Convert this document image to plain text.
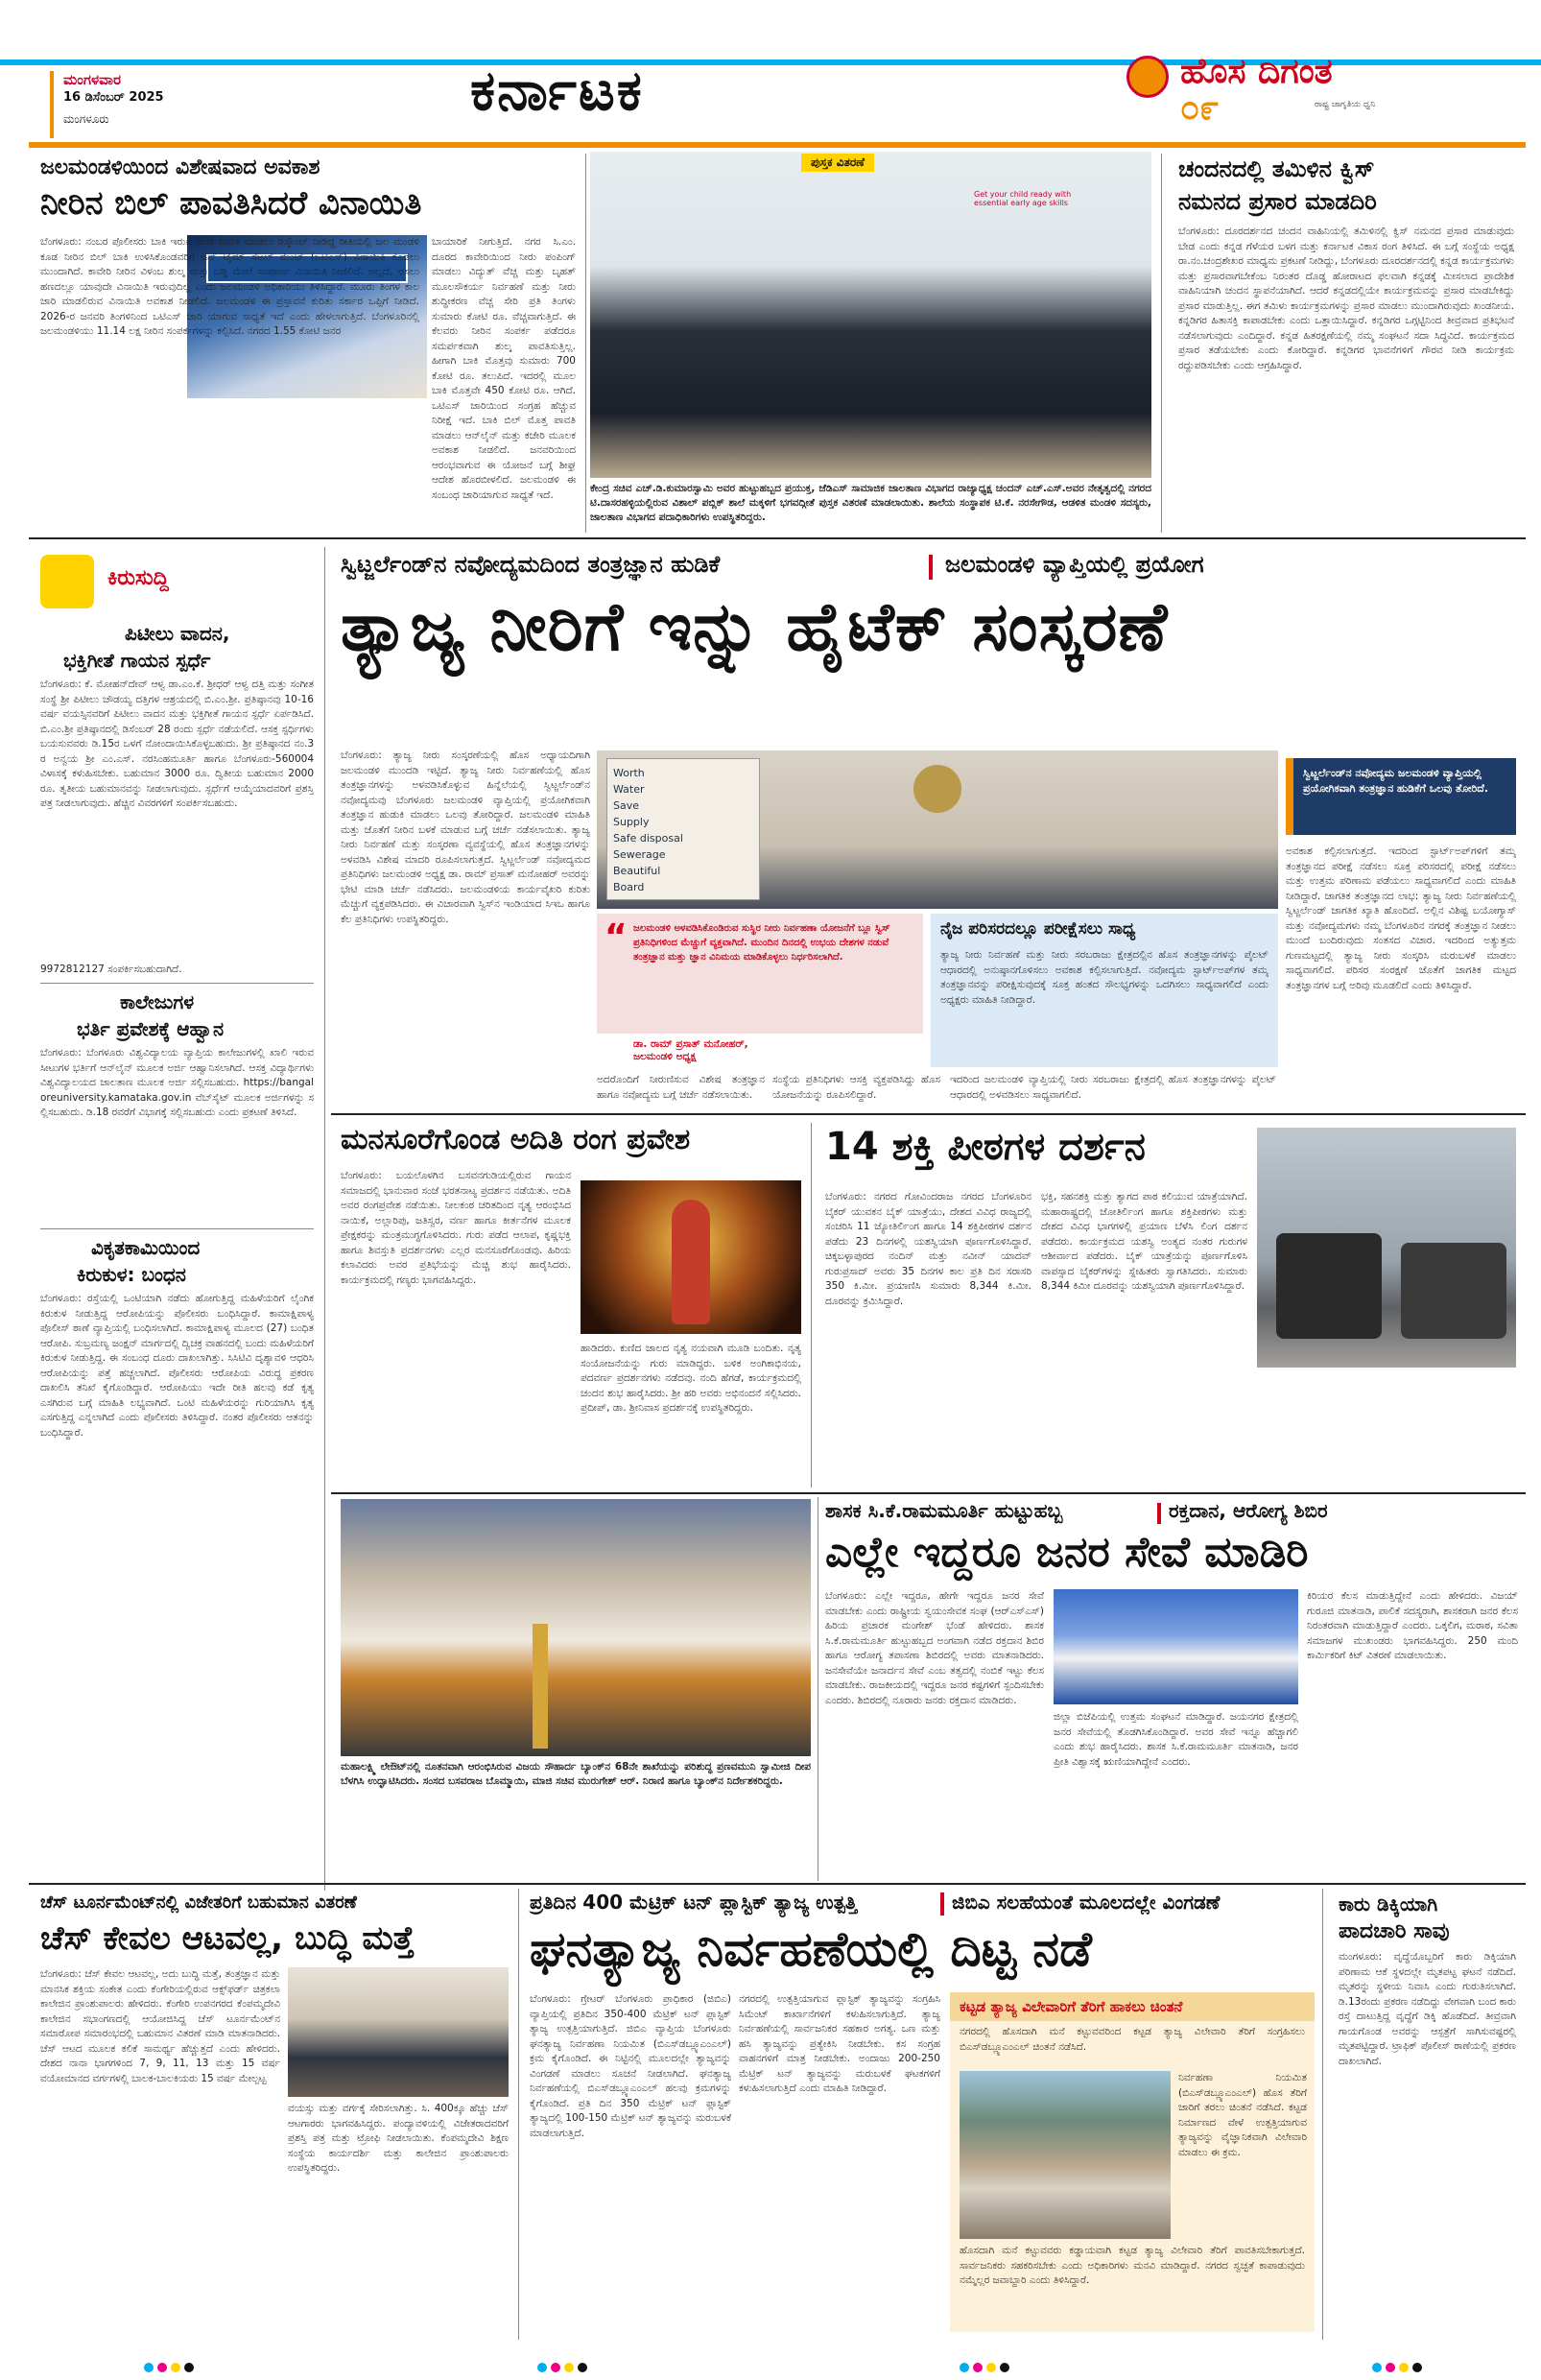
ಮಂಗಳವಾರ
16 ಡಿಸೆಂಬರ್ 2025
ಮಂಗಳೂರು	ಕರ್ನಾಟಕ	ಹೊಸ ದಿಗಂತ
ರಾಷ್ಟ್ರ ಜಾಗೃತಿಯ ಧ್ವನಿ
೦೯
ಜಲಮಂಡಳಿಯಿಂದ ವಿಶೇಷವಾದ ಅವಕಾಶ
ನೀರಿನ ಬಿಲ್ ಪಾವತಿಸಿದರೆ ವಿನಾಯಿತಿ
ಬೆಂಗಳೂರು: ನಂಬರ ಪೊಲೀಸರು ಬಾಕಿ ಇರುವ ದಂಡ ಪಾವತಿ ಮಾಡಲು ಡಿಸ್ಕೌಂಟ್ ನೀಡಿದ್ದ ರೀತಿಯಲ್ಲಿ ಜಲ ಮಂಡಳಿ ಕೂಡ ನೀರಿನ ಬಿಲ್ ಬಾಕಿ ಉಳಿಸಿಕೊಂಡವರಿಗೆ ಒನ್ ಟೈಮ್ ಸೆಟಲ್ ಮೆಂಟ್ (ಒಟಿಎಸ್) ವಿನಾಯಿತಿ ಕೊಡಲು ಮುಂದಾಗಿದೆ. ಕಾವೇರಿ ನೀರಿನ ವಿಳಂಬ ಶುಲ್ಕ ಮತ್ತು ಬಡ್ಡಿ ಮೇಲೆ ಸಂಪೂರ್ಣ ವಿನಾಯಿತಿ ನೀಡಲಿದೆ. ಅಲ್ಲದೆ, ಅಸಲು ಹಣದಲ್ಲೂ ಯಾವುದೇ ವಿನಾಯಿತಿ ಇರುವುದಿಲ್ಲ ಎಂದು ಜಲಮಂಡಳಿ ಅಧಿಕಾರಿಯು ತಿಳಿಸಿದ್ದಾರೆ. ಮೂರು ತಿಂಗಳ ಕಾಲ ಜಾರಿ ಮಾಡಲಿರುವ ವಿನಾಯಿತಿ ಅವಕಾಶ ನೀಡಲಿದೆ. ಜಲಮಂಡಳಿ ಈ ಪ್ರಸ್ತಾವನೆ ಕುರಿತು ಸರ್ಕಾರ ಒಪ್ಪಿಗೆ ನೀಡಿದೆ. 2026-ರ ಜನವರಿ ತಿಂಗಳಿನಿಂದ ಒಟಿಎಸ್ ಜಾರಿ ಯಾಗುವ ಸಾಧ್ಯತೆ ಇದೆ ಎಂದು ಹೇಳಲಾಗುತ್ತಿದೆ. ಬೆಂಗಳೂರಿನಲ್ಲಿ ಜಲಮಂಡಳಿಯು 11.14 ಲಕ್ಷ ನೀರಿನ ಸಂಪರ್ಕಗಳನ್ನು ಕಲ್ಪಿಸಿದೆ. ನಗರದ 1.55 ಕೋಟಿ ಜನರ
ಬಾಯಾರಿಕೆ ನೀಗುತ್ತಿದೆ. ನಗರ ಸಿ.ಎಂ. ದೂರದ ಕಾವೇರಿಯಿಂದ ನೀರು ಪಂಪಿಂಗ್ ಮಾಡಲು ವಿದ್ಯುತ್ ವೆಚ್ಚ ಮತ್ತು ಬೃಹತ್ ಮೂಲಸೌಕರ್ಯ ನಿರ್ವಹಣೆ ಮತ್ತು ನೀರು ಶುದ್ಧೀಕರಣ ವೆಚ್ಚ ಸೇರಿ ಪ್ರತಿ ತಿಂಗಳು ಸುಮಾರು ಕೋಟಿ ರೂ. ವೆಚ್ಚವಾಗುತ್ತಿದೆ. ಈ ಕೆಲವರು ನೀರಿನ ಸಂಪರ್ಕ ಪಡೆದರೂ ಸಮರ್ಪಕವಾಗಿ ಶುಲ್ಕ ಪಾವತಿಸುತ್ತಿಲ್ಲ. ಹೀಗಾಗಿ ಬಾಕಿ ಮೊತ್ತವು ಸುಮಾರು 700 ಕೋಟಿ ರೂ. ತಲುಪಿದೆ. ಇದರಲ್ಲಿ ಮೂಲ ಬಾಕಿ ಮೊತ್ತವೇ 450 ಕೋಟಿ ರೂ. ಆಗಿದೆ. ಒಟಿಎಸ್ ಜಾರಿಯಿಂದ ಸಂಗ್ರಹ ಹೆಚ್ಚುವ ನಿರೀಕ್ಷೆ ಇದೆ. ಬಾಕಿ ಬಿಲ್ ಮೊತ್ತ ಪಾವತಿ ಮಾಡಲು ಆನ್‌ಲೈನ್ ಮತ್ತು ಕಚೇರಿ ಮೂಲಕ ಅವಕಾಶ ನೀಡಲಿದೆ. ಜನವರಿಯಿಂದ ಆರಂಭವಾಗುವ ಈ ಯೋಜನೆ ಬಗ್ಗೆ ಶೀಘ್ರ ಆದೇಶ ಹೊರಬೀಳಲಿದೆ. ಜಲಮಂಡಳಿ ಈ ಸಂಬಂಧ ಜಾರಿಯಾಗುವ ಸಾಧ್ಯತೆ ಇದೆ.
ಪುಸ್ತಕ ವಿತರಣೆ
Get your child ready with essential early age skills
ಕೇಂದ್ರ ಸಚಿವ ಎಚ್.ಡಿ.ಕುಮಾರಸ್ವಾಮಿ ಅವರ ಹುಟ್ಟುಹಬ್ಬದ ಪ್ರಯುಕ್ತ, ಜೆಡಿಎಸ್ ಸಾಮಾಜಿಕ ಜಾಲತಾಣ ವಿಭಾಗದ ರಾಜ್ಯಾಧ್ಯಕ್ಷ ಚಂದನ್ ಎಚ್.ಎಸ್.ಅವರ ನೇತೃತ್ವದಲ್ಲಿ ನಗರದ ಟಿ.ದಾಸರಹಳ್ಳಿಯಲ್ಲಿರುವ ವಿಶಾಲ್ ಪಬ್ಲಿಕ್ ಶಾಲೆ ಮಕ್ಕಳಿಗೆ ಭಗವದ್ಗೀತೆ ಪುಸ್ತಕ ವಿತರಣೆ ಮಾಡಲಾಯಿತು. ಶಾಲೆಯ ಸಂಸ್ಥಾಪಕ ಟಿ.ಕೆ. ನರಸೇಗೌಡ, ಆಡಳಿತ ಮಂಡಳಿ ಸದಸ್ಯರು, ಜಾಲತಾಣ ವಿಭಾಗದ ಪದಾಧಿಕಾರಿಗಳು ಉಪಸ್ಥಿತರಿದ್ದರು.
ಚಂದನದಲ್ಲಿ ತಮಿಳಿನ ಕ್ವಿಸ್
ನಮನದ ಪ್ರಸಾರ ಮಾಡದಿರಿ
ಬೆಂಗಳೂರು: ದೂರದರ್ಶನದ ಚಂದನ ವಾಹಿನಿಯಲ್ಲಿ ತಮಿಳಿನಲ್ಲಿ ಕ್ವಿಸ್ ನಮನದ ಪ್ರಸಾರ ಮಾಡುವುದು ಬೇಡ ಎಂದು ಕನ್ನಡ ಗೆಳೆಯರ ಬಳಗ ಮತ್ತು ಕರ್ನಾಟಕ ವಿಕಾಸ ರಂಗ ತಿಳಿಸಿದೆ. ಈ ಬಗ್ಗೆ ಸಂಸ್ಥೆಯ ಅಧ್ಯಕ್ಷ ರಾ.ನಂ.ಚಂದ್ರಶೇಖರ ಮಾಧ್ಯಮ ಪ್ರಕಟಣೆ ನೀಡಿದ್ದು, ಬೆಂಗಳೂರು ದೂರದರ್ಶನದಲ್ಲಿ ಕನ್ನಡ ಕಾರ್ಯಕ್ರಮಗಳು ಮತ್ತು ಪ್ರಸಾರವಾಗಬೇಕೆಂಬ ನಿರಂತರ ದೊಡ್ಡ ಹೋರಾಟದ ಫಲವಾಗಿ ಕನ್ನಡಕ್ಕೆ ಮೀಸಲಾದ ಪ್ರಾದೇಶಿಕ ವಾಹಿನಿಯಾಗಿ ಚಂದನ ಸ್ಥಾಪನೆಯಾಗಿದೆ. ಆದರೆ ಕನ್ನಡದಲ್ಲಿಯೇ ಕಾರ್ಯಕ್ರಮವನ್ನು ಪ್ರಸಾರ ಮಾಡಬೇಕಿದ್ದು ಪ್ರಸಾರ ಮಾಡುತ್ತಿಲ್ಲ. ಈಗ ತಮಿಳು ಕಾರ್ಯಕ್ರಮಗಳನ್ನು ಪ್ರಸಾರ ಮಾಡಲು ಮುಂದಾಗಿರುವುದು ಖಂಡನೀಯ. ಕನ್ನಡಿಗರ ಹಿತಾಸಕ್ತಿ ಕಾಪಾಡಬೇಕು ಎಂದು ಒತ್ತಾಯಿಸಿದ್ದಾರೆ. ಕನ್ನಡಿಗರ ಒಗ್ಗಟ್ಟಿನಿಂದ ತೀವ್ರವಾದ ಪ್ರತಿಭಟನೆ ನಡೆಸಲಾಗುವುದು ಎಂದಿದ್ದಾರೆ. ಕನ್ನಡ ಹಿತರಕ್ಷಣೆಯಲ್ಲಿ ನಮ್ಮ ಸಂಘಟನೆ ಸದಾ ಸಿದ್ಧವಿದೆ. ಕಾರ್ಯಕ್ರಮದ ಪ್ರಸಾರ ತಡೆಯಬೇಕು ಎಂದು ಕೋರಿದ್ದಾರೆ. ಕನ್ನಡಿಗರ ಭಾವನೆಗಳಿಗೆ ಗೌರವ ನೀಡಿ ಕಾರ್ಯಕ್ರಮ ರದ್ದುಪಡಿಸಬೇಕು ಎಂದು ಆಗ್ರಹಿಸಿದ್ದಾರೆ.
ಕಿರುಸುದ್ದಿ
ಪಿಟೀಲು ವಾದನ,
ಭಕ್ತಿಗೀತೆ ಗಾಯನ ಸ್ಪರ್ಧೆ
ಬೆಂಗಳೂರು: ಕೆ. ಮೋಹನ್‌ದೇವ್ ಆಳ್ವ ಡಾ.ಎಂ.ಕೆ. ಶ್ರೀಧರ್ ಆಳ್ವ ದತ್ತಿ ಮತ್ತು ಸಂಗೀತ ಸಂಸ್ಥೆ ಶ್ರೀ ಪಿಟೀಲು ಚೌಡಯ್ಯ ದತ್ತಿಗಳ ಆಶ್ರಯದಲ್ಲಿ ಬಿ.ಎಂ.ಶ್ರೀ. ಪ್ರತಿಷ್ಠಾನವು 10-16 ವರ್ಷ ವಯಸ್ಸಿನವರಿಗೆ ಪಿಟೀಲು ವಾದನ ಮತ್ತು ಭಕ್ತಿಗೀತೆ ಗಾಯನ ಸ್ಪರ್ಧೆ ಏರ್ಪಡಿಸಿದೆ. ಬಿ.ಎಂ.ಶ್ರೀ ಪ್ರತಿಷ್ಠಾನದಲ್ಲಿ ಡಿಸೆಂಬರ್ 28 ರಂದು ಸ್ಪರ್ಧೆ ನಡೆಯಲಿದೆ. ಆಸಕ್ತ ಸ್ಪರ್ಧಿಗಳು ಬಯಸುವವರು ಡಿ.15ರ ಒಳಗೆ ನೋಂದಾಯಿಸಿಕೊಳ್ಳಬಹುದು. ಶ್ರೀ ಪ್ರತಿಷ್ಠಾನದ ನಂ.3 ರ ಅನ್ವಯ ಶ್ರೀ ಎಂ.ಎಸ್. ನರಸಿಂಹಮೂರ್ತಿ ಹಾಗೂ ಬೆಂಗಳೂರು-560004 ವಿಳಾಸಕ್ಕೆ ಕಳುಹಿಸಬೇಕು. ಬಹುಮಾನ 3000 ರೂ. ದ್ವಿತೀಯ ಬಹುಮಾನ 2000 ರೂ. ತೃತೀಯ ಬಹುಮಾನವನ್ನು ನೀಡಲಾಗುವುದು. ಸ್ಪರ್ಧೆಗೆ ಆಯ್ಕೆಯಾದವರಿಗೆ ಪ್ರಶಸ್ತಿ ಪತ್ರ ನೀಡಲಾಗುವುದು. ಹೆಚ್ಚಿನ ವಿವರಗಳಿಗೆ ಸಂಪರ್ಕಿಸಬಹುದು.
9972812127 ಸಂಪರ್ಕಿಸಬಹುದಾಗಿದೆ.
ಕಾಲೇಜುಗಳ
ಭರ್ತಿ ಪ್ರವೇಶಕ್ಕೆ ಆಹ್ವಾನ
ಬೆಂಗಳೂರು: ಬೆಂಗಳೂರು ವಿಶ್ವವಿದ್ಯಾಲಯ ವ್ಯಾಪ್ತಿಯ ಕಾಲೇಜುಗಳಲ್ಲಿ ಖಾಲಿ ಇರುವ ಸೀಟುಗಳ ಭರ್ತಿಗೆ ಆನ್‌ಲೈನ್ ಮೂಲಕ ಅರ್ಜಿ ಆಹ್ವಾನಿಸಲಾಗಿದೆ. ಆಸಕ್ತ ವಿದ್ಯಾರ್ಥಿಗಳು ವಿಶ್ವವಿದ್ಯಾಲಯದ ಜಾಲತಾಣ ಮೂಲಕ ಅರ್ಜಿ ಸಲ್ಲಿಸಬಹುದು. https://bangaloreuniversity.kamataka.gov.in ವೆಬ್‌ಸೈಟ್ ಮೂಲಕ ಅರ್ಜಿಗಳನ್ನು ಸಲ್ಲಿಸಬಹುದು. ಡಿ.18 ರವರೆಗೆ ವಿಭಾಗಕ್ಕೆ ಸಲ್ಲಿಸಬಹುದು ಎಂದು ಪ್ರಕಟಣೆ ತಿಳಿಸಿದೆ.
ವಿಕೃತಕಾಮಿಯಿಂದ
ಕಿರುಕುಳ: ಬಂಧನ
ಬೆಂಗಳೂರು: ರಸ್ತೆಯಲ್ಲಿ ಒಂಟಿಯಾಗಿ ನಡೆದು ಹೋಗುತ್ತಿದ್ದ ಮಹಿಳೆಯರಿಗೆ ಲೈಂಗಿಕ ಕಿರುಕುಳ ನೀಡುತ್ತಿದ್ದ ಆರೋಪಿಯನ್ನು ಪೊಲೀಸರು ಬಂಧಿಸಿದ್ದಾರೆ. ಕಾಮಾಕ್ಷಿಪಾಳ್ಯ ಪೊಲೀಸ್ ಠಾಣೆ ವ್ಯಾಪ್ತಿಯಲ್ಲಿ ಬಂಧಿಸಲಾಗಿದೆ. ಕಾಮಾಕ್ಷಿಪಾಳ್ಯ ಮೂಲದ (27) ಬಂಧಿತ ಆರೋಪಿ. ಸುಬ್ರಮಣ್ಯ ಜಂಕ್ಷನ್ ಮಾರ್ಗದಲ್ಲಿ ದ್ವಿಚಕ್ರ ವಾಹನದಲ್ಲಿ ಬಂದು ಮಹಿಳೆಯರಿಗೆ ಕಿರುಕುಳ ನೀಡುತ್ತಿದ್ದ. ಈ ಸಂಬಂಧ ದೂರು ದಾಖಲಾಗಿತ್ತು. ಸಿಸಿಟಿವಿ ದೃಶ್ಯಾವಳಿ ಆಧರಿಸಿ ಆರೋಪಿಯನ್ನು ಪತ್ತೆ ಹಚ್ಚಲಾಗಿದೆ. ಪೊಲೀಸರು ಆರೋಪಿಯ ವಿರುದ್ಧ ಪ್ರಕರಣ ದಾಖಲಿಸಿ ತನಿಖೆ ಕೈಗೊಂಡಿದ್ದಾರೆ. ಆರೋಪಿಯು ಇದೇ ರೀತಿ ಹಲವು ಕಡೆ ಕೃತ್ಯ ಎಸಗಿರುವ ಬಗ್ಗೆ ಮಾಹಿತಿ ಲಭ್ಯವಾಗಿದೆ. ಒಂಟಿ ಮಹಿಳೆಯರನ್ನು ಗುರಿಯಾಗಿಸಿ ಕೃತ್ಯ ಎಸಗುತ್ತಿದ್ದ ಎನ್ನಲಾಗಿದೆ ಎಂದು ಪೊಲೀಸರು ತಿಳಿಸಿದ್ದಾರೆ. ನಂತರ ಪೊಲೀಸರು ಆತನನ್ನು ಬಂಧಿಸಿದ್ದಾರೆ.
ಸ್ವಿಟ್ಜರ್ಲೆಂಡ್‌ನ ನವೋದ್ಯಮದಿಂದ ತಂತ್ರಜ್ಞಾನ ಹುಡಿಕೆ	ಜಲಮಂಡಳಿ ವ್ಯಾಪ್ತಿಯಲ್ಲಿ ಪ್ರಯೋಗ
ತ್ಯಾಜ್ಯ ನೀರಿಗೆ ಇನ್ನು ಹೈಟೆಕ್ ಸಂಸ್ಕರಣೆ
ಬೆಂಗಳೂರು: ತ್ಯಾಜ್ಯ ನೀರು ಸಂಸ್ಕರಣೆಯಲ್ಲಿ ಹೊಸ ಅಧ್ಯಾಯದಿಗಾಗಿ ಜಲಮಂಡಳಿ ಮುಂದಡಿ ಇಟ್ಟಿದೆ. ತ್ಯಾಜ್ಯ ನೀರು ನಿರ್ವಹಣೆಯಲ್ಲಿ ಹೊಸ ತಂತ್ರಜ್ಞಾನಗಳನ್ನು ಅಳವಡಿಸಿಕೊಳ್ಳುವ ಹಿನ್ನೆಲೆಯಲ್ಲಿ ಸ್ವಿಟ್ಜರ್ಲೆಂಡ್‌ನ ನವೋದ್ಯಮವು ಬೆಂಗಳೂರು ಜಲಮಂಡಳಿ ವ್ಯಾಪ್ತಿಯಲ್ಲಿ ಪ್ರಯೋಗಿಕವಾಗಿ ತಂತ್ರಜ್ಞಾನ ಹುಡುಕಿ ಮಾಡಲು ಒಲವು ತೋರಿದ್ದಾರೆ. ಜಲಮಂಡಳಿ ಮಾಹಿತಿ ಮತ್ತು ಜೊತೆಗೆ ನೀರಿನ ಬಳಕೆ ಮಾಡುವ ಬಗ್ಗೆ ಚರ್ಚೆ ನಡೆಸಲಾಯಿತು. ತ್ಯಾಜ್ಯ ನೀರು ನಿರ್ವಹಣೆ ಮತ್ತು ಸಂಸ್ಕರಣಾ ವ್ಯವಸ್ಥೆಯಲ್ಲಿ ಹೊಸ ತಂತ್ರಜ್ಞಾನಗಳನ್ನು ಅಳವಡಿಸಿ ವಿಶೇಷ ಮಾದರಿ ರೂಪಿಸಲಾಗುತ್ತದೆ. ಸ್ವಿಟ್ಜರ್ಲೆಂಡ್ ನವೋದ್ಯಮದ ಪ್ರತಿನಿಧಿಗಳು ಜಲಮಂಡಳಿ ಅಧ್ಯಕ್ಷ ಡಾ. ರಾಮ್ ಪ್ರಸಾತ್ ಮನೋಹರ್ ಅವರನ್ನು ಭೇಟಿ ಮಾಡಿ ಚರ್ಚೆ ನಡೆಸಿದರು. ಜಲಮಂಡಳಿಯ ಕಾರ್ಯವೈಖರಿ ಕುರಿತು ಮೆಚ್ಚುಗೆ ವ್ಯಕ್ತಪಡಿಸಿದರು. ಈ ವಿಚಾರವಾಗಿ ಸ್ವಿಸ್‌ನ ಇಂಡಿಯಾದ ಸಿಇಒ ಹಾಗೂ ಕೆಲ ಪ್ರತಿನಿಧಿಗಳು ಉಪಸ್ಥಿತರಿದ್ದರು.
Worth
Water
Save
Supply
Safe disposal
Sewerage
Beautiful
Board
“ ಜಲಮಂಡಳಿ ಅಳವಡಿಸಿಕೊಂಡಿರುವ ಸುಸ್ಥಿರ ನೀರು ನಿರ್ವಹಣಾ ಯೋಜನೆಗೆ ಬ್ಲೂ ಸ್ವಿಸ್ ಪ್ರತಿನಿಧಿಗಳಿಂದ ಮೆಚ್ಚುಗೆ ವ್ಯಕ್ತವಾಗಿದೆ. ಮುಂದಿನ ದಿನದಲ್ಲಿ ಉಭಯ ದೇಶಗಳ ನಡುವೆ ತಂತ್ರಜ್ಞಾನ ಮತ್ತು ಜ್ಞಾನ ವಿನಿಮಯ ಮಾಡಿಕೊಳ್ಳಲು ನಿರ್ಧರಿಸಲಾಗಿದೆ.
ಡಾ. ರಾಮ್ ಪ್ರಸಾತ್ ಮನೋಹರ್,
ಜಲಮಂಡಳಿ ಅಧ್ಯಕ್ಷ
ನೈಜ ಪರಿಸರದಲ್ಲೂ ಪರೀಕ್ಷೆಸಲು ಸಾಧ್ಯ
ತ್ಯಾಜ್ಯ ನೀರು ನಿರ್ವಹಣೆ ಮತ್ತು ನೀರು ಸರಬರಾಜು ಕ್ಷೇತ್ರದಲ್ಲಿನ ಹೊಸ ತಂತ್ರಜ್ಞಾನಗಳನ್ನು ಪೈಲಟ್ ಆಧಾರದಲ್ಲಿ ಅನುಷ್ಠಾನಗೊಳಿಸಲು ಅವಕಾಶ ಕಲ್ಪಿಸಲಾಗುತ್ತಿದೆ. ನವೋದ್ಯಮ ಸ್ಟಾರ್ಟ್‌ಅಪ್‌ಗಳ ತಮ್ಮ ತಂತ್ರಜ್ಞಾನವನ್ನು ಪರೀಕ್ಷಿಸುವುದಕ್ಕೆ ಸೂಕ್ತ ಹಂತದ ಸೌಲಭ್ಯಗಳನ್ನು ಒದಗಿಸಲು ಸಾಧ್ಯವಾಗಲಿದೆ ಎಂದು ಅಧ್ಯಕ್ಷರು ಮಾಹಿತಿ ನೀಡಿದ್ದಾರೆ.
ಅದರೊಂದಿಗೆ ನೀರುಣಿಸುವ ವಿಶೇಷ ತಂತ್ರಜ್ಞಾನ ಹಾಗೂ ನವೋದ್ಯಮ ಬಗ್ಗೆ ಚರ್ಚೆ ನಡೆಸಲಾಯಿತು.
ಸಂಸ್ಥೆಯ ಪ್ರತಿನಿಧಿಗಳು ಆಸಕ್ತಿ ವ್ಯಕ್ತಪಡಿಸಿದ್ದು ಹೊಸ ಯೋಜನೆಯನ್ನು ರೂಪಿಸಲಿದ್ದಾರೆ.
ಇದರಿಂದ ಜಲಮಂಡಳಿ ವ್ಯಾಪ್ತಿಯಲ್ಲಿ ನೀರು ಸರಬರಾಜು ಕ್ಷೇತ್ರದಲ್ಲಿ ಹೊಸ ತಂತ್ರಜ್ಞಾನಗಳನ್ನು ಪೈಲಟ್ ಆಧಾರದಲ್ಲಿ ಅಳವಡಿಸಲು ಸಾಧ್ಯವಾಗಲಿದೆ.
ಸ್ವಿಟ್ಜರ್ಲೆಂಡ್‌ನ ನವೋದ್ಯಮ ಜಲಮಂಡಳಿ ವ್ಯಾಪ್ತಿಯಲ್ಲಿ ಪ್ರಯೋಗಿಕವಾಗಿ ತಂತ್ರಜ್ಞಾನ ಹುಡಿಕೆಗೆ ಒಲವು ತೋರಿದೆ.
ಅವಕಾಶ ಕಲ್ಪಿಸಲಾಗುತ್ತದೆ. ಇದರಿಂದ ಸ್ಟಾರ್ಟ್‌ಅಪ್‌ಗಳಿಗೆ ತಮ್ಮ ತಂತ್ರಜ್ಞಾನದ ಪರೀಕ್ಷೆ ನಡೆಸಲು ಸೂಕ್ತ ಪರಿಸರದಲ್ಲಿ ಪರೀಕ್ಷೆ ನಡೆಸಲು ಮತ್ತು ಉತ್ತಮ ಪರಿಣಾಮ ಪಡೆಯಲು ಸಾಧ್ಯವಾಗಲಿದೆ ಎಂದು ಮಾಹಿತಿ ನೀಡಿದ್ದಾರೆ. ಜಾಗತಿಕ ತಂತ್ರಜ್ಞಾನದ ಲಾಭ: ತ್ಯಾಜ್ಯ ನೀರು ನಿರ್ವಹಣೆಯಲ್ಲಿ ಸ್ವಿಟ್ಜರ್ಲೆಂಡ್ ಜಾಗತಿಕ ಖ್ಯಾತಿ ಹೊಂದಿದೆ. ಅಲ್ಲಿನ ವಿಶಿಷ್ಟ ಬಯೋಗ್ಯಾಸ್ ಮತ್ತು ನವೋದ್ಯಮಗಳು ನಮ್ಮ ಬೆಂಗಳೂರಿನ ನಗರಕ್ಕೆ ತಂತ್ರಜ್ಞಾನ ನೀಡಲು ಮುಂದೆ ಬಂದಿರುವುದು ಸಂತಸದ ವಿಚಾರ. ಇದರಿಂದ ಅತ್ಯುತ್ತಮ ಗುಣಮಟ್ಟದಲ್ಲಿ ತ್ಯಾಜ್ಯ ನೀರು ಸಂಸ್ಕರಿಸಿ ಮರುಬಳಕೆ ಮಾಡಲು ಸಾಧ್ಯವಾಗಲಿದೆ. ಪರಿಸರ ಸಂರಕ್ಷಣೆ ಜೊತೆಗೆ ಜಾಗತಿಕ ಮಟ್ಟದ ತಂತ್ರಜ್ಞಾನಗಳ ಬಗ್ಗೆ ಅರಿವು ಮೂಡಲಿದೆ ಎಂದು ತಿಳಿಸಿದ್ದಾರೆ.
ಮನಸೂರೆಗೊಂಡ ಅದಿತಿ ರಂಗ ಪ್ರವೇಶ
ಬೆಂಗಳೂರು: ಬಯಲೊಳಗಿನ ಬಸವನಗುಡಿಯಲ್ಲಿರುವ ಗಾಯನ ಸಮಾಜದಲ್ಲಿ ಭಾನುವಾರ ಸಂಜೆ ಭರತನಾಟ್ಯ ಪ್ರದರ್ಶನ ನಡೆಯಿತು. ಅದಿತಿ ಅವರ ರಂಗಪ್ರವೇಶ ನಡೆಯಿತು. ನೀಲಕಂಠ ಚರಿತದಿಂದ ನೃತ್ಯ ಆರಂಭಿಸಿದ ನಾಯಿಕೆ, ಅಲ್ಲಾರಿಪು, ಜತಿಸ್ವರ, ವರ್ಣ ಹಾಗೂ ಕೀರ್ತನೆಗಳ ಮೂಲಕ ಪ್ರೇಕ್ಷಕರನ್ನು ಮಂತ್ರಮುಗ್ಧಗೊಳಿಸಿದರು. ಗುರು ಪಡೆದ ಆಲಾಪ, ಕೃಷ್ಣಭಕ್ತಿ ಹಾಗೂ ಶಿವಸ್ತುತಿ ಪ್ರದರ್ಶನಗಳು ಎಲ್ಲರ ಮನಸೂರೆಗೊಂಡವು. ಹಿರಿಯ ಕಲಾವಿದರು ಅವರ ಪ್ರತಿಭೆಯನ್ನು ಮೆಚ್ಚಿ ಶುಭ ಹಾರೈಸಿದರು. ಕಾರ್ಯಕ್ರಮದಲ್ಲಿ ಗಣ್ಯರು ಭಾಗವಹಿಸಿದ್ದರು.
ಹಾಡಿದರು. ಕುಣಿದ ಜಾಲದ ನೃತ್ಯ ನಯವಾಗಿ ಮೂಡಿ ಬಂದಿತು. ನೃತ್ಯ ಸಂಯೋಜನೆಯನ್ನು ಗುರು ಮಾಡಿದ್ದರು. ಬಳಿಕ ಅಂಗಿಕಾಭಿನಯ, ಪದವರ್ಣ ಪ್ರದರ್ಶನಗಳು ನಡೆದವು. ನಂದಿ ಹೆಗಡೆ, ಕಾರ್ಯಕ್ರಮದಲ್ಲಿ ಚಂದನ ಶುಭ ಹಾರೈಸಿದರು. ಶ್ರೀ ಹರಿ ಅವರು ಅಭಿನಂದನೆ ಸಲ್ಲಿಸಿದರು. ಪ್ರದೀಪ್, ಡಾ. ಶ್ರೀನಿವಾಸ ಪ್ರದರ್ಶನಕ್ಕೆ ಉಪಸ್ಥಿತರಿದ್ದರು.
14 ಶಕ್ತಿ ಪೀಠಗಳ ದರ್ಶನ
ಬೆಂಗಳೂರು: ನಗರದ ಗೋವಿಂದರಾಜ ನಗರದ ಬೆಂಗಳೂರಿನ ಬೈಕರ್ ಯುವಕನ ಬೈಕ್ ಯಾತ್ರೆಯು, ದೇಶದ ವಿವಿಧ ರಾಜ್ಯದಲ್ಲಿ ಸಂಚರಿಸಿ 11 ಜ್ಯೋತಿರ್ಲಿಂಗ ಹಾಗೂ 14 ಶಕ್ತಿಪೀಠಗಳ ದರ್ಶನ ಪಡೆದು 23 ದಿನಗಳಲ್ಲಿ ಯಶಸ್ವಿಯಾಗಿ ಪೂರ್ಣಗೊಳಿಸಿದ್ದಾರೆ. ಚಿಕ್ಕಬಳ್ಳಾಪುರದ ನಂದಿನ್ ಮತ್ತು ನವೀನ್ ಯಾದವ್ ಗುರುಪ್ರಸಾದ್ ಅವರು 35 ದಿನಗಳ ಕಾಲ ಪ್ರತಿ ದಿನ ಸರಾಸರಿ 350 ಕಿ.ಮೀ. ಪ್ರಯಾಣಿಸಿ ಸುಮಾರು 8,344 ಕಿ.ಮೀ. ದೂರವನ್ನು ಕ್ರಮಿಸಿದ್ದಾರೆ.
ಭಕ್ತಿ, ಸಹನಶಕ್ತಿ ಮತ್ತು ತ್ಯಾಗದ ಪಾಠ ಕಲಿಯುವ ಯಾತ್ರೆಯಾಗಿದೆ. ಮಹಾರಾಷ್ಟ್ರದಲ್ಲಿ ಜೋತಿರ್ಲಿಂಗ ಹಾಗೂ ಶಕ್ತಿಪೀಠಗಳು ಮತ್ತು ದೇಶದ ವಿವಿಧ ಭಾಗಗಳಲ್ಲಿ ಪ್ರಯಾಣ ಬೆಳೆಸಿ ಲಿಂಗ ದರ್ಶನ ಪಡೆದರು. ಕಾರ್ಯಕ್ರಮದ ಯಶಸ್ವಿ ಅಂತ್ಯದ ನಂತರ ಗುರುಗಳ ಆಶೀರ್ವಾದ ಪಡೆದರು. ಬೈಕ್ ಯಾತ್ರೆಯನ್ನು ಪೂರ್ಣಗೊಳಿಸಿ ವಾಪಸ್ಸಾದ ಬೈಕರ್‌ಗಳನ್ನು ಸ್ನೇಹಿತರು ಸ್ವಾಗತಿಸಿದರು. ಸುಮಾರು 8,344 ಕಿಮೀ ದೂರವನ್ನು ಯಶಸ್ವಿಯಾಗಿ ಪೂರ್ಣಗೊಳಿಸಿದ್ದಾರೆ.
ಶಾಸಕ ಸಿ.ಕೆ.ರಾಮಮೂರ್ತಿ ಹುಟ್ಟುಹಬ್ಬ	ರಕ್ತದಾನ, ಆರೋಗ್ಯ ಶಿಬಿರ
ಎಲ್ಲೇ ಇದ್ದರೂ ಜನರ ಸೇವೆ ಮಾಡಿರಿ
ಬೆಂಗಳೂರು: ಎಲ್ಲೇ ಇದ್ದರೂ, ಹೇಗೇ ಇದ್ದರೂ ಜನರ ಸೇವೆ ಮಾಡಬೇಕು ಎಂದು ರಾಷ್ಟ್ರೀಯ ಸ್ವಯಂಸೇವಕ ಸಂಘ (ಆರ್‌ಎಸ್‌ಎಸ್) ಹಿರಿಯ ಪ್ರಚಾರಕ ಮಂಗೇಶ್ ಭೆಂಡೆ ಹೇಳಿದರು. ಶಾಸಕ ಸಿ.ಕೆ.ರಾಮಮೂರ್ತಿ ಹುಟ್ಟುಹಬ್ಬದ ಅಂಗವಾಗಿ ನಡೆದ ರಕ್ತದಾನ ಶಿಬಿರ ಹಾಗೂ ಆರೋಗ್ಯ ತಪಾಸಣಾ ಶಿಬಿರದಲ್ಲಿ ಅವರು ಮಾತನಾಡಿದರು. ಜನಸೇವೆಯೇ ಜನಾರ್ದನ ಸೇವೆ ಎಂಬ ತತ್ವದಲ್ಲಿ ನಂಬಿಕೆ ಇಟ್ಟು ಕೆಲಸ ಮಾಡಬೇಕು. ರಾಜಕೀಯದಲ್ಲಿ ಇದ್ದರೂ ಜನರ ಕಷ್ಟಗಳಿಗೆ ಸ್ಪಂದಿಸಬೇಕು ಎಂದರು. ಶಿಬಿರದಲ್ಲಿ ನೂರಾರು ಜನರು ರಕ್ತದಾನ ಮಾಡಿದರು.
ಜಿಲ್ಲಾ ಬಿಜೆಪಿಯಲ್ಲಿ ಉತ್ತಮ ಸಂಘಟನೆ ಮಾಡಿದ್ದಾರೆ. ಜಯನಗರ ಕ್ಷೇತ್ರದಲ್ಲಿ ಜನರ ಸೇವೆಯಲ್ಲಿ ತೊಡಗಿಸಿಕೊಂಡಿದ್ದಾರೆ. ಅವರ ಸೇವೆ ಇನ್ನೂ ಹೆಚ್ಚಾಗಲಿ ಎಂದು ಶುಭ ಹಾರೈಸಿದರು. ಶಾಸಕ ಸಿ.ಕೆ.ರಾಮಮೂರ್ತಿ ಮಾತನಾಡಿ, ಜನರ ಪ್ರೀತಿ ವಿಶ್ವಾಸಕ್ಕೆ ಋಣಿಯಾಗಿದ್ದೇನೆ ಎಂದರು.
ಕಿರಿಯರ ಕೆಲಸ ಮಾಡುತ್ತಿದ್ದೇನೆ ಎಂದು ಹೇಳಿದರು. ವಿಜಯ್ ಗುರೂಜಿ ಮಾತನಾಡಿ, ಪಾಲಿಕೆ ಸದಸ್ಯರಾಗಿ, ಶಾಸಕರಾಗಿ ಜನರ ಕೆಲಸ ನಿರಂತರವಾಗಿ ಮಾಡುತ್ತಿದ್ದಾರೆ ಎಂದರು. ಒಕ್ಕಲಿಗ, ಮರಾಠ, ಸವಿತಾ ಸಮಾಜಗಳ ಮುಖಂಡರು ಭಾಗವಹಿಸಿದ್ದರು. 250 ಮಂದಿ ಕಾರ್ಮಿಕರಿಗೆ ಕಿಟ್ ವಿತರಣೆ ಮಾಡಲಾಯಿತು.
ಮಹಾಲಕ್ಷ್ಮಿ ಲೇಔಟ್‌ನಲ್ಲಿ ನೂತನವಾಗಿ ಆರಂಭಿಸಿರುವ ವಿಜಯ ಸೌಹಾರ್ದ ಬ್ಯಾಂಕ್‌ನ 68ನೇ ಶಾಖೆಯನ್ನು ಪರಿಶುದ್ಧ ಪ್ರಣವಮುನಿ ಸ್ವಾಮೀಜಿ ದೀಪ ಬೆಳಗಿಸಿ ಉದ್ಘಾಟಿಸಿದರು. ಸಂಸದ ಬಸವರಾಜ ಬೊಮ್ಮಾಯಿ, ಮಾಜಿ ಸಚಿವ ಮುರುಗೇಶ್ ಆರ್. ನಿರಾಣಿ ಹಾಗೂ ಬ್ಯಾಂಕ್‌ನ ನಿರ್ದೇಶಕರಿದ್ದರು.
ಚೆಸ್ ಟೂರ್ನಮೆಂಟ್‌ನಲ್ಲಿ ವಿಜೇತರಿಗೆ ಬಹುಮಾನ ವಿತರಣೆ
ಚೆಸ್ ಕೇವಲ ಆಟವಲ್ಲ, ಬುದ್ಧಿ ಮತ್ತೆ
ಬೆಂಗಳೂರು: ಚೆಸ್ ಕೇವಲ ಆಟವಲ್ಲ, ಅದು ಬುದ್ಧಿ ಮತ್ತೆ, ತಂತ್ರಜ್ಞಾನ ಮತ್ತು ಮಾನಸಿಕ ಶಕ್ತಿಯ ಸಂಕೇತ ಎಂದು ಕೆಂಗೇರಿಯಲ್ಲಿರುವ ಆಕ್ಸ್‌ಫರ್ಡ್ ಚಿತ್ರಕಲಾ ಕಾಲೇಜಿನ ಪ್ರಾಂಶುಪಾಲರು ಹೇಳಿದರು. ಕೆಂಗೇರಿ ಉಪನಗರದ ಕೆಂಪಮ್ಮದೇವಿ ಕಾಲೇಜಿನ ಸಭಾಂಗಣದಲ್ಲಿ ಆಯೋಜಿಸಿದ್ದ ಚೆಸ್ ಟೂರ್ನಮೆಂಟ್‌ನ ಸಮಾರೋಪ ಸಮಾರಂಭದಲ್ಲಿ ಬಹುಮಾನ ವಿತರಣೆ ಮಾಡಿ ಮಾತನಾಡಿದರು. ಚೆಸ್ ಆಟದ ಮೂಲಕ ಕಲಿಕೆ ಸಾಮರ್ಥ್ಯ ಹೆಚ್ಚುತ್ತದೆ ಎಂದು ಹೇಳಿದರು. ದೇಶದ ನಾನಾ ಭಾಗಗಳಿಂದ 7, 9, 11, 13 ಮತ್ತು 15 ವರ್ಷ ವಯೋಮಾನದ ವರ್ಗಗಳಲ್ಲಿ ಬಾಲಕ-ಬಾಲಕಿಯರು 15 ವರ್ಷ ಮೇಲ್ಪಟ್ಟ
ವಯಸ್ಸು ಮತ್ತು ವರ್ಗಕ್ಕೆ ಸೇರಿಸಲಾಗಿತ್ತು. ಸಿ. 400ಕ್ಕೂ ಹೆಚ್ಚು ಚೆಸ್ ಆಟಗಾರರು ಭಾಗವಹಿಸಿದ್ದರು. ಪಂದ್ಯಾವಳಿಯಲ್ಲಿ ವಿಜೇತರಾದವರಿಗೆ ಪ್ರಶಸ್ತಿ ಪತ್ರ ಮತ್ತು ಟ್ರೋಫಿ ನೀಡಲಾಯಿತು. ಕೆಂಪಮ್ಮದೇವಿ ಶಿಕ್ಷಣ ಸಂಸ್ಥೆಯ ಕಾರ್ಯದರ್ಶಿ ಮತ್ತು ಕಾಲೇಜಿನ ಪ್ರಾಂಶುಪಾಲರು ಉಪಸ್ಥಿತರಿದ್ದರು.
ಪ್ರತಿದಿನ 400 ಮೆಟ್ರಿಕ್ ಟನ್ ಪ್ಲಾಸ್ಟಿಕ್ ತ್ಯಾಜ್ಯ ಉತ್ಪತ್ತಿ	ಜಿಬಿಎ ಸಲಹೆಯಂತೆ ಮೂಲದಲ್ಲೇ ವಿಂಗಡಣೆ
ಘನತ್ಯಾಜ್ಯ ನಿರ್ವಹಣೆಯಲ್ಲಿ ದಿಟ್ಟ ನಡೆ
ಬೆಂಗಳೂರು: ಗ್ರೇಟರ್ ಬೆಂಗಳೂರು ಪ್ರಾಧಿಕಾರ (ಜಿಬಿಎ) ವ್ಯಾಪ್ತಿಯಲ್ಲಿ ಪ್ರತಿದಿನ 350-400 ಮೆಟ್ರಿಕ್ ಟನ್ ಪ್ಲಾಸ್ಟಿಕ್ ತ್ಯಾಜ್ಯ ಉತ್ಪತ್ತಿಯಾಗುತ್ತಿದೆ. ಜಿಬಿಎ ವ್ಯಾಪ್ತಿಯ ಬೆಂಗಳೂರು ಘನತ್ಯಾಜ್ಯ ನಿರ್ವಹಣಾ ನಿಯಮಿತ (ಬಿಎಸ್‌ಡಬ್ಲ್ಯೂಎಂಎಲ್) ಕ್ರಮ ಕೈಗೊಂಡಿದೆ. ಈ ನಿಟ್ಟಿನಲ್ಲಿ ಮೂಲದಲ್ಲೇ ತ್ಯಾಜ್ಯವನ್ನು ವಿಂಗಡಣೆ ಮಾಡಲು ಸೂಚನೆ ನೀಡಲಾಗಿದೆ. ಘನತ್ಯಾಜ್ಯ ನಿರ್ವಹಣೆಯಲ್ಲಿ ಬಿಎಸ್‌ಡಬ್ಲ್ಯೂಎಂಎಲ್ ಹಲವು ಕ್ರಮಗಳನ್ನು ಕೈಗೊಂಡಿದೆ. ಪ್ರತಿ ದಿನ 350 ಮೆಟ್ರಿಕ್ ಟನ್ ಪ್ಲಾಸ್ಟಿಕ್ ತ್ಯಾಜ್ಯದಲ್ಲಿ 100-150 ಮೆಟ್ರಿಕ್ ಟನ್ ತ್ಯಾಜ್ಯವನ್ನು ಮರುಬಳಕೆ ಮಾಡಲಾಗುತ್ತಿದೆ.
ನಗರದಲ್ಲಿ ಉತ್ಪತ್ತಿಯಾಗುವ ಪ್ಲಾಸ್ಟಿಕ್ ತ್ಯಾಜ್ಯವನ್ನು ಸಂಗ್ರಹಿಸಿ ಸಿಮೆಂಟ್ ಕಾರ್ಖಾನೆಗಳಿಗೆ ಕಳುಹಿಸಲಾಗುತ್ತಿದೆ. ತ್ಯಾಜ್ಯ ನಿರ್ವಹಣೆಯಲ್ಲಿ ಸಾರ್ವಜನಿಕರ ಸಹಕಾರ ಅಗತ್ಯ. ಒಣ ಮತ್ತು ಹಸಿ ತ್ಯಾಜ್ಯವನ್ನು ಪ್ರತ್ಯೇಕಿಸಿ ನೀಡಬೇಕು. ಕಸ ಸಂಗ್ರಹ ವಾಹನಗಳಿಗೆ ಮಾತ್ರ ನೀಡಬೇಕು. ಅಂದಾಜು 200-250 ಮೆಟ್ರಿಕ್ ಟನ್ ತ್ಯಾಜ್ಯವನ್ನು ಮರುಬಳಕೆ ಘಟಕಗಳಿಗೆ ಕಳುಹಿಸಲಾಗುತ್ತಿದೆ ಎಂದು ಮಾಹಿತಿ ನೀಡಿದ್ದಾರೆ.
ಕಟ್ಟಡ ತ್ಯಾಜ್ಯ ವಿಲೇವಾರಿಗೆ ತೆರಿಗೆ ಹಾಕಲು ಚಿಂತನೆ
ನಗರದಲ್ಲಿ ಹೊಸದಾಗಿ ಮನೆ ಕಟ್ಟುವವರಿಂದ ಕಟ್ಟಡ ತ್ಯಾಜ್ಯ ವಿಲೇವಾರಿ ತೆರಿಗೆ ಸಂಗ್ರಹಿಸಲು ಬಿಎಸ್‌ಡಬ್ಲ್ಯೂಎಂಎಲ್ ಚಿಂತನೆ ನಡೆಸಿದೆ.
ನಿರ್ವಹಣಾ ನಿಯಮಿತ (ಬಿಎಸ್‌ಡಬ್ಲ್ಯೂಎಂಎಲ್) ಹೊಸ ತೆರಿಗೆ ಜಾರಿಗೆ ತರಲು ಚಿಂತನೆ ನಡೆಸಿದೆ. ಕಟ್ಟಡ ನಿರ್ಮಾಣದ ವೇಳೆ ಉತ್ಪತ್ತಿಯಾಗುವ ತ್ಯಾಜ್ಯವನ್ನು ವೈಜ್ಞಾನಿಕವಾಗಿ ವಿಲೇವಾರಿ ಮಾಡಲು ಈ ಕ್ರಮ.
ಹೊಸದಾಗಿ ಮನೆ ಕಟ್ಟುವವರು ಕಡ್ಡಾಯವಾಗಿ ಕಟ್ಟಡ ತ್ಯಾಜ್ಯ ವಿಲೇವಾರಿ ತೆರಿಗೆ ಪಾವತಿಸಬೇಕಾಗುತ್ತದೆ. ಸಾರ್ವಜನಿಕರು ಸಹಕರಿಸಬೇಕು ಎಂದು ಅಧಿಕಾರಿಗಳು ಮನವಿ ಮಾಡಿದ್ದಾರೆ. ನಗರದ ಸ್ವಚ್ಛತೆ ಕಾಪಾಡುವುದು ನಮ್ಮೆಲ್ಲರ ಜವಾಬ್ದಾರಿ ಎಂದು ತಿಳಿಸಿದ್ದಾರೆ.
ಕಾರು ಡಿಕ್ಕಿಯಾಗಿ
ಪಾದಚಾರಿ ಸಾವು
ಮಂಗಳೂರು: ವೃದ್ಧೆಯೊಬ್ಬರಿಗೆ ಕಾರು ಡಿಕ್ಕಿಯಾಗಿ ಪರಿಣಾಮ ಆಕೆ ಸ್ಥಳದಲ್ಲೇ ಮೃತಪಟ್ಟ ಘಟನೆ ನಡೆದಿದೆ. ಮೃತರನ್ನು ಸ್ಥಳೀಯ ನಿವಾಸಿ ಎಂದು ಗುರುತಿಸಲಾಗಿದೆ. ಡಿ.13ರಂದು ಪ್ರಕರಣ ನಡೆದಿದ್ದು ವೇಗವಾಗಿ ಬಂದ ಕಾರು ರಸ್ತೆ ದಾಟುತ್ತಿದ್ದ ವೃದ್ಧೆಗೆ ಡಿಕ್ಕಿ ಹೊಡೆದಿದೆ. ತೀವ್ರವಾಗಿ ಗಾಯಗೊಂಡ ಅವರನ್ನು ಆಸ್ಪತ್ರೆಗೆ ಸಾಗಿಸುವಷ್ಟರಲ್ಲಿ ಮೃತಪಟ್ಟಿದ್ದಾರೆ. ಟ್ರಾಫಿಕ್ ಪೊಲೀಸ್ ಠಾಣೆಯಲ್ಲಿ ಪ್ರಕರಣ ದಾಖಲಾಗಿದೆ.
